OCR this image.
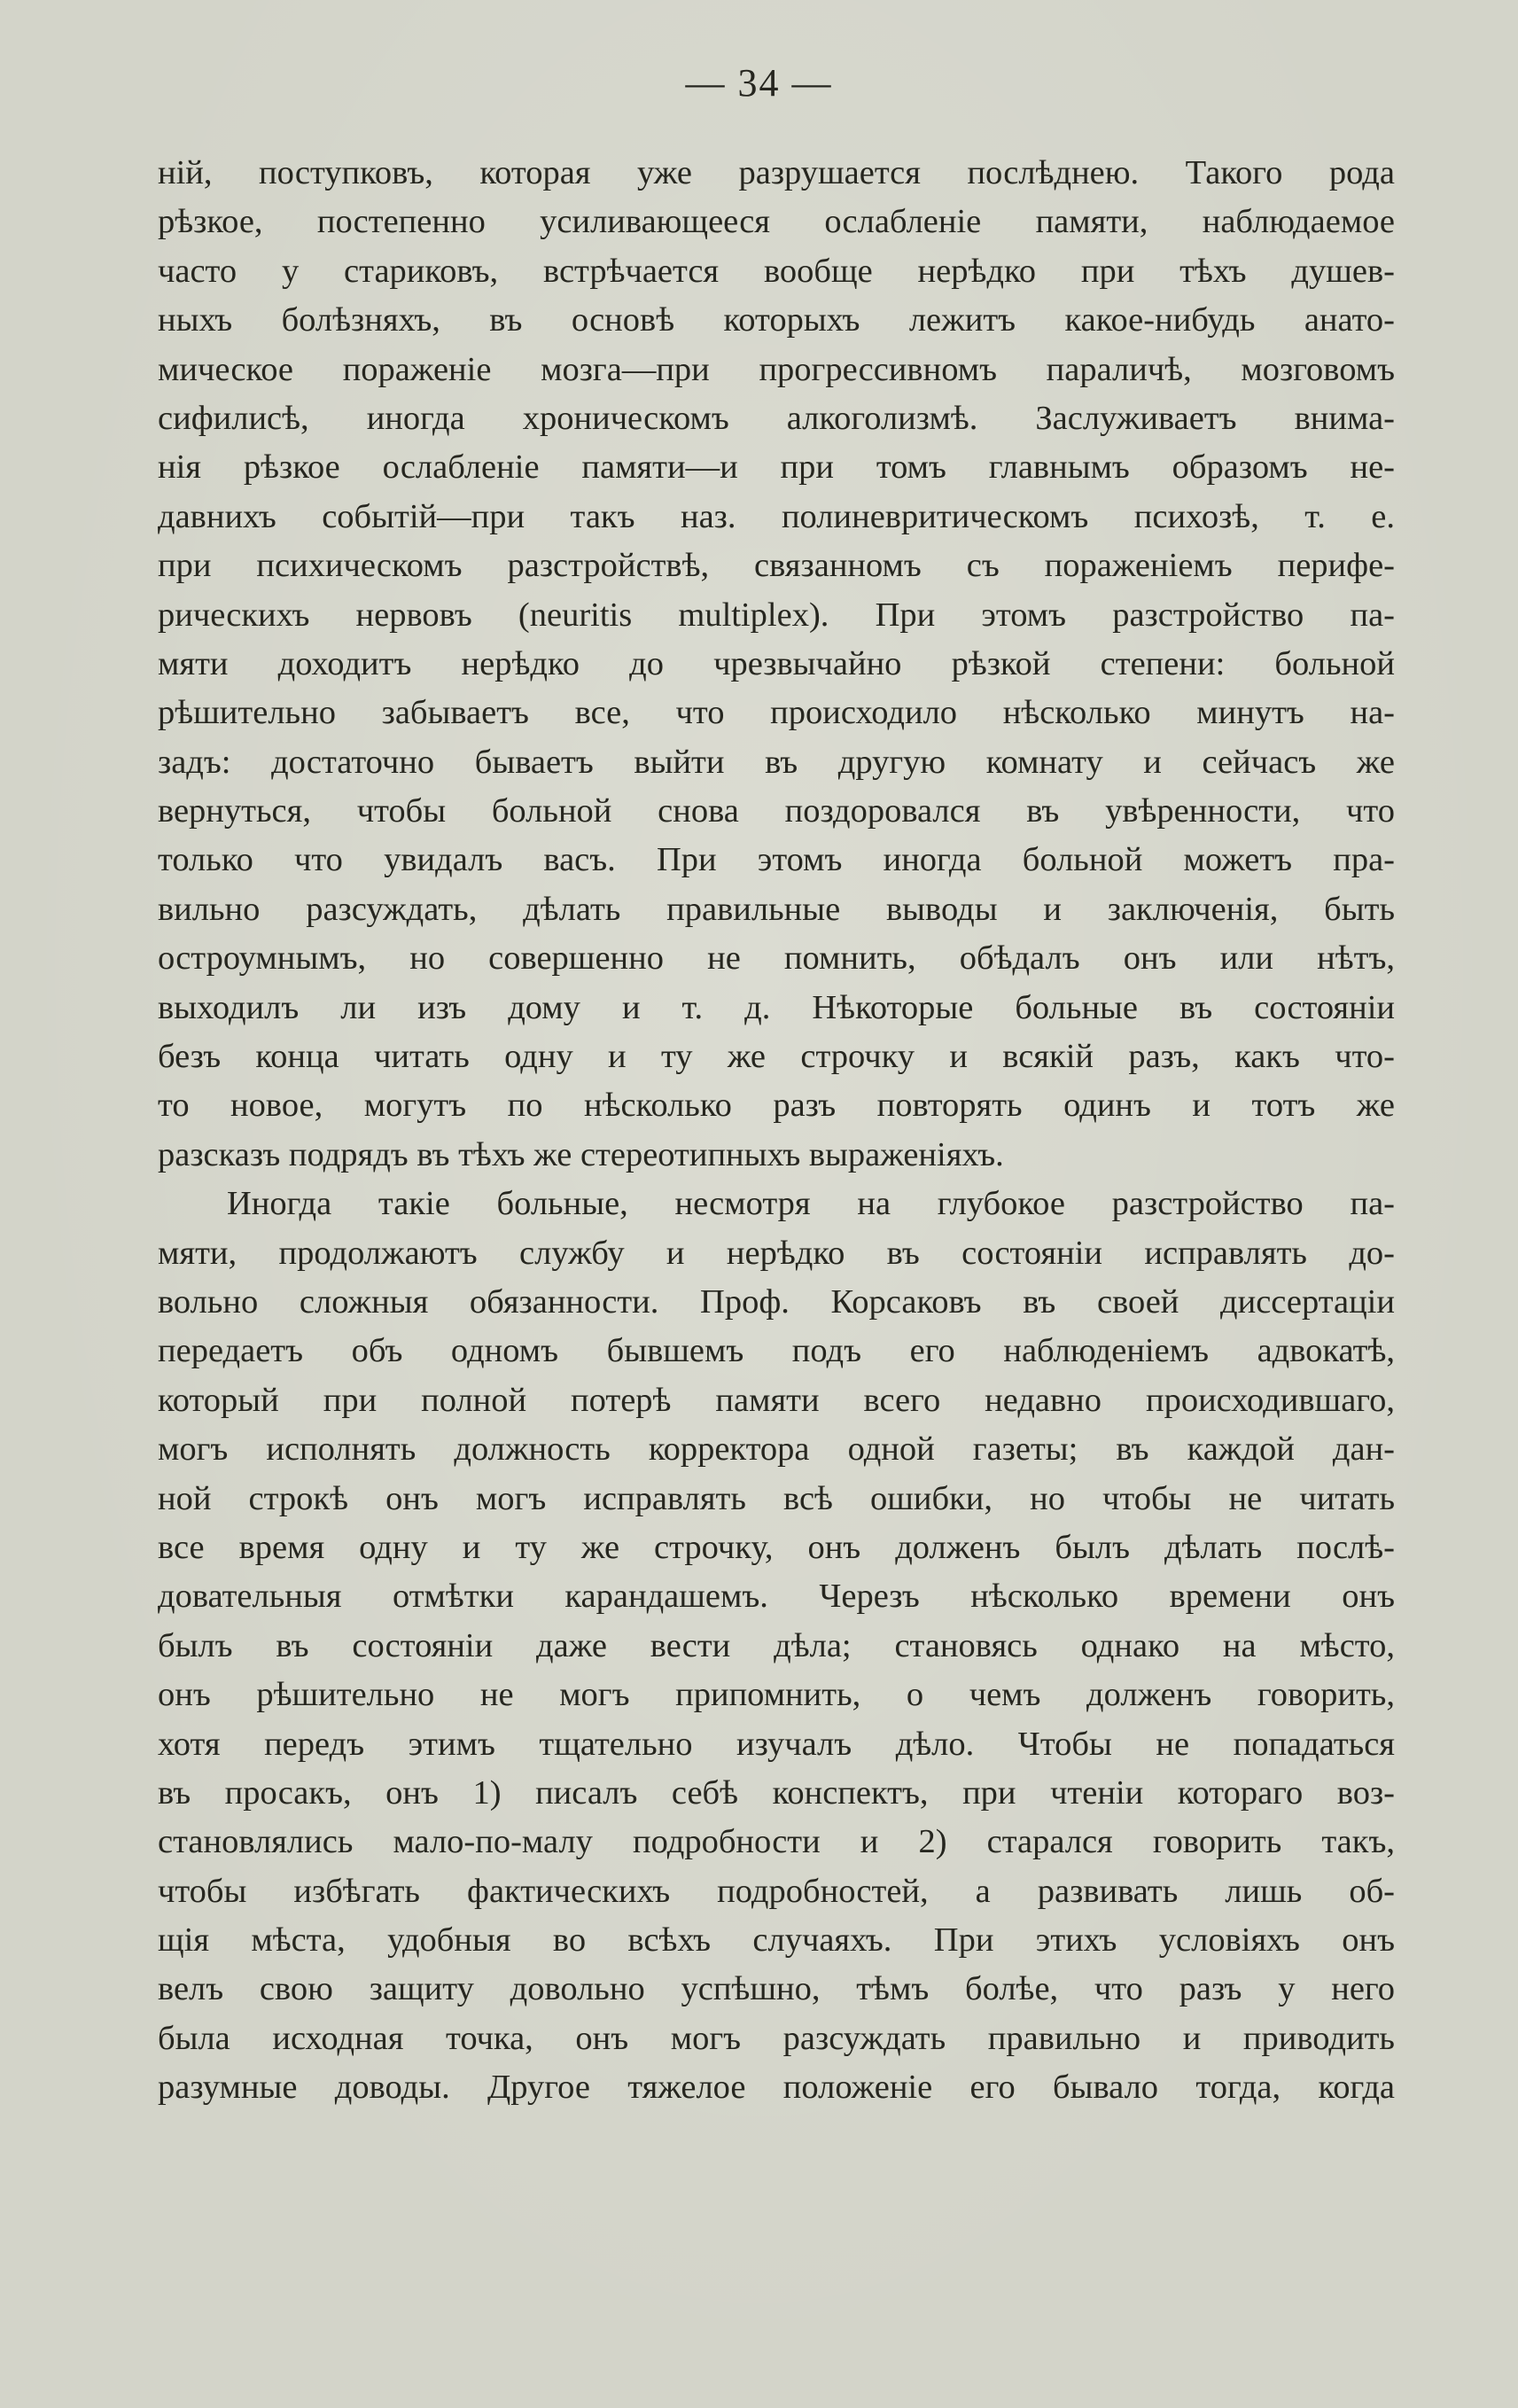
— 34 —
ній, поступковъ, которая уже разрушается послѣднею. Такого рода
рѣзкое, постепенно усиливающееся ослабленіе памяти, наблюдаемое
часто у стариковъ, встрѣчается вообще нерѣдко при тѣхъ душев-
ныхъ болѣзняхъ, въ основѣ которыхъ лежитъ какое-нибудь анато-
мическое пораженіе мозга—при прогрессивномъ параличѣ, мозговомъ
сифилисѣ, иногда хроническомъ алкоголизмѣ. Заслуживаетъ внима-
нія рѣзкое ослабленіе памяти—и при томъ главнымъ образомъ не-
давнихъ событій—при такъ наз. полиневритическомъ психозѣ, т. е.
при психическомъ разстройствѣ, связанномъ съ пораженіемъ перифе-
рическихъ нервовъ (neuritis multiplex). При этомъ разстройство па-
мяти доходитъ нерѣдко до чрезвычайно рѣзкой степени: больной
рѣшительно забываетъ все, что происходило нѣсколько минутъ на-
задъ: достаточно бываетъ выйти въ другую комнату и сейчасъ же
вернуться, чтобы больной снова поздоровался въ увѣренности, что
только что увидалъ васъ. При этомъ иногда больной можетъ пра-
вильно разсуждать, дѣлать правильные выводы и заключенія, быть
остроумнымъ, но совершенно не помнить, обѣдалъ онъ или нѣтъ,
выходилъ ли изъ дому и т. д. Нѣкоторые больные въ состояніи
безъ конца читать одну и ту же строчку и всякій разъ, какъ что-
то новое, могутъ по нѣсколько разъ повторять одинъ и тотъ же
разсказъ подрядъ въ тѣхъ же стереотипныхъ выраженіяхъ.
Иногда такіе больные, несмотря на глубокое разстройство па-
мяти, продолжаютъ службу и нерѣдко въ состояніи исправлять до-
вольно сложныя обязанности. Проф. Корсаковъ въ своей диссертаціи
передаетъ объ одномъ бывшемъ подъ его наблюденіемъ адвокатѣ,
который при полной потерѣ памяти всего недавно происходившаго,
могъ исполнять должность корректора одной газеты; въ каждой дан-
ной строкѣ онъ могъ исправлять всѣ ошибки, но чтобы не читать
все время одну и ту же строчку, онъ долженъ былъ дѣлать послѣ-
довательныя отмѣтки карандашемъ. Черезъ нѣсколько времени онъ
былъ въ состояніи даже вести дѣла; становясь однако на мѣсто,
онъ рѣшительно не могъ припомнить, о чемъ долженъ говорить,
хотя передъ этимъ тщательно изучалъ дѣло. Чтобы не попадаться
въ просакъ, онъ 1) писалъ себѣ конспектъ, при чтеніи котораго воз-
становлялись мало-по-малу подробности и 2) старался говорить такъ,
чтобы избѣгать фактическихъ подробностей, а развивать лишь об-
щія мѣста, удобныя во всѣхъ случаяхъ. При этихъ условіяхъ онъ
велъ свою защиту довольно успѣшно, тѣмъ болѣе, что разъ у него
была исходная точка, онъ могъ разсуждать правильно и приводить
разумные доводы. Другое тяжелое положеніе его бывало тогда, когда
